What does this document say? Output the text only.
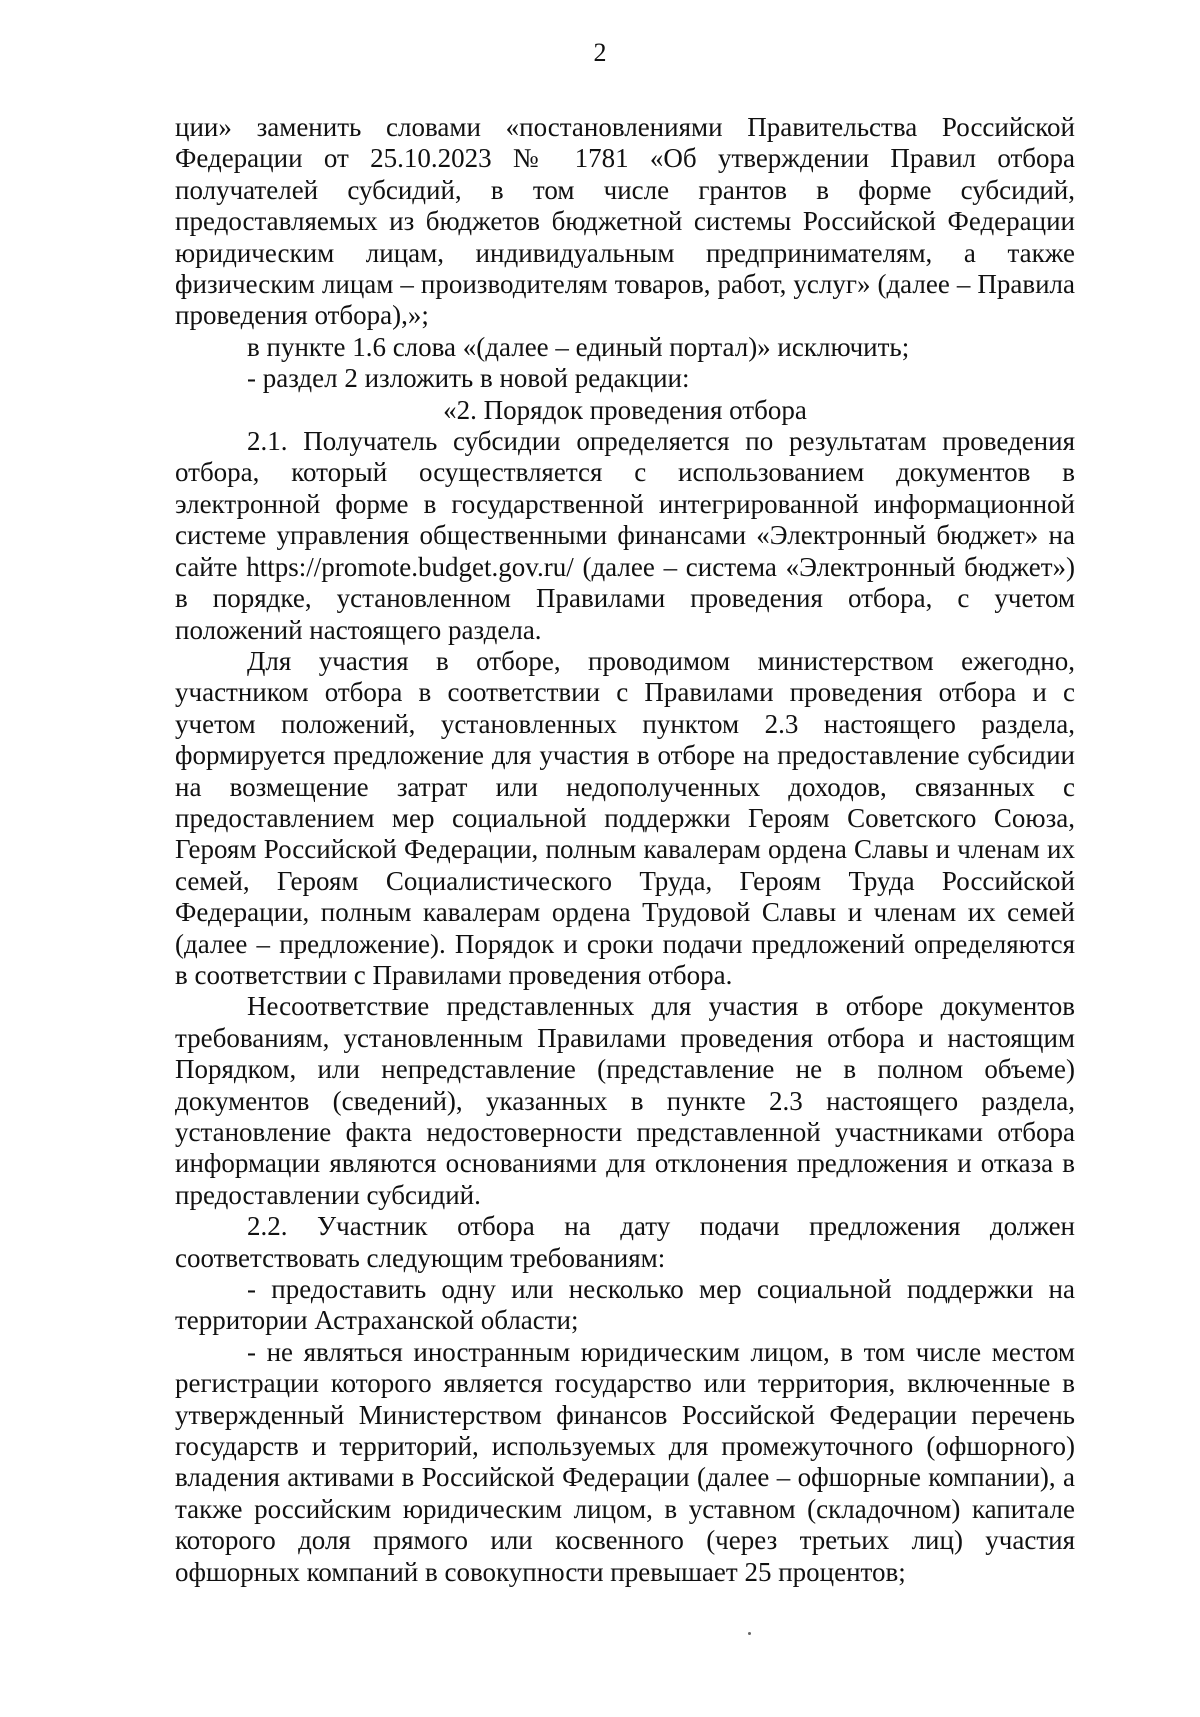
2

ции» заменить словами «постановлениями Правительства Российской Федерации от 25.10.2023 № 1781 «Об утверждении Правил отбора получателей субсидий, в том числе грантов в форме субсидий, предоставляемых из бюджетов бюджетной системы Российской Федерации юридическим лицам, индивидуальным предпринимателям, а также физическим лицам – производителям товаров, работ, услуг» (далее – Правила проведения отбора),»;

в пункте 1.6 слова «(далее – единый портал)» исключить;

- раздел 2 изложить в новой редакции:

«2. Порядок проведения отбора

2.1. Получатель субсидии определяется по результатам проведения отбора, который осуществляется с использованием документов в электронной форме в государственной интегрированной информационной системе управления общественными финансами «Электронный бюджет» на сайте https://promote.budget.gov.ru/ (далее – система «Электронный бюджет») в порядке, установленном Правилами проведения отбора, с учетом положений настоящего раздела.

Для участия в отборе, проводимом министерством ежегодно, участником отбора в соответствии с Правилами проведения отбора и с учетом положений, установленных пунктом 2.3 настоящего раздела, формируется предложение для участия в отборе на предоставление субсидии на возмещение затрат или недополученных доходов, связанных с предоставлением мер социальной поддержки Героям Советского Союза, Героям Российской Федерации, полным кавалерам ордена Славы и членам их семей, Героям Социалистического Труда, Героям Труда Российской Федерации, полным кавалерам ордена Трудовой Славы и членам их семей (далее – предложение). Порядок и сроки подачи предложений определяются в соответствии с Правилами проведения отбора.

Несоответствие представленных для участия в отборе документов требованиям, установленным Правилами проведения отбора и настоящим Порядком, или непредставление (представление не в полном объеме) документов (сведений), указанных в пункте 2.3 настоящего раздела, установление факта недостоверности представленной участниками отбора информации являются основаниями для отклонения предложения и отказа в предоставлении субсидий.

2.2. Участник отбора на дату подачи предложения должен соответствовать следующим требованиям:

- предоставить одну или несколько мер социальной поддержки на территории Астраханской области;

- не являться иностранным юридическим лицом, в том числе местом регистрации которого является государство или территория, включенные в утвержденный Министерством финансов Российской Федерации перечень государств и территорий, используемых для промежуточного (офшорного) владения активами в Российской Федерации (далее – офшорные компании), а также российским юридическим лицом, в уставном (складочном) капитале которого доля прямого или косвенного (через третьих лиц) участия офшорных компаний в совокупности превышает 25 процентов;
